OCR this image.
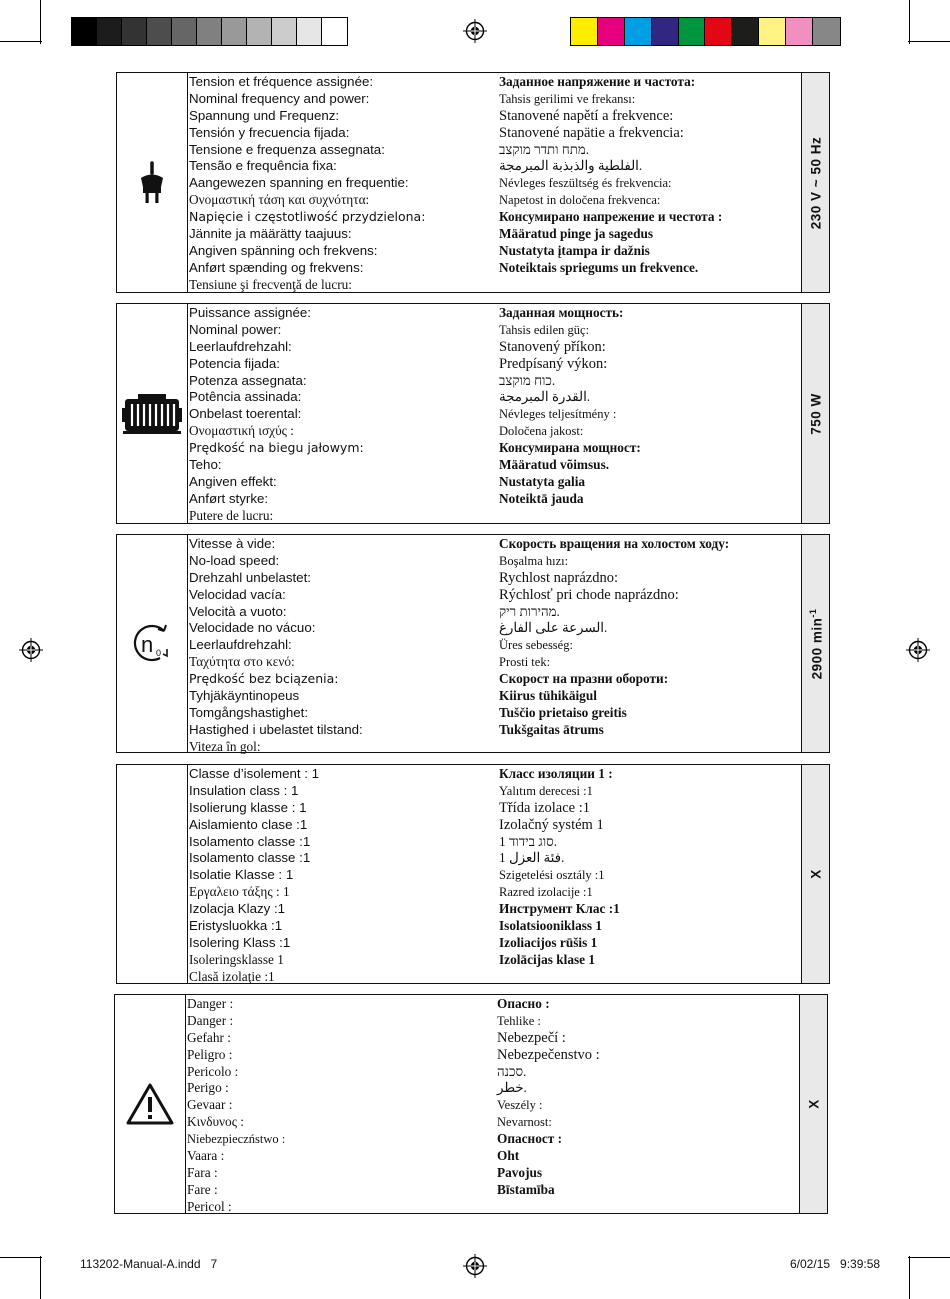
Tension et fréquence assignée:
Nominal frequency and power:
Spannung und Frequenz:
Tensión y frecuencia fijada:
Tensione e frequenza assegnata:
Tensão e frequência fixa:
Aangewezen spanning en frequentie:
Ονομαστική τάση και συχνότητα:
Napięcie i częstotliwość przydzielona:
Jännite ja määrätty taajuus:
Angiven spänning och frekvens:
Anført spænding og frekvens:
Tensiune şi frecvenţă de lucru:
Заданное напряжение и частота:
Tahsis gerilimi ve frekansı:
Stanovené napětí a frekvence:
Stanovené napätie a frekvencia:
מתח ותדר מוקצב.
الفلطية والذبذبة المبرمجة.
Névleges feszültség és frekvencia:
Napetost in določena frekvenca:
Консумирано напрежение и честота :
Määratud pinge ja sagedus
Nustatyta įtampa ir dažnis
Noteiktais spriegums un frekvence.
230 V ~ 50 Hz
Puissance assignée:
Nominal power:
Leerlaufdrehzahl:
Potencia fijada:
Potenza assegnata:
Potência assinada:
Onbelast toerental:
Ονομαστική ισχύς :
Prędkość na biegu jałowym:
Teho:
Angiven effekt:
Anført styrke:
Putere de lucru:
Заданная мощность:
Tahsis edilen güç:
Stanovený příkon:
Predpísaný výkon:
כוח מוקצב.
القدرة المبرمجة.
Névleges teljesítmény :
Določena jakost:
Консумирана мощност:
Määratud võimsus.
Nustatyta galia
Noteiktā jauda
750 W
n 0
Vitesse à vide:
No-load speed:
Drehzahl unbelastet:
Velocidad vacía:
Velocità a vuoto:
Velocidade no vácuo:
Leerlaufdrehzahl:
Ταχύτητα στο κενό:
Prędkość bez bciązenia:
Tyhjäkäyntinopeus
Tomgångshastighet:
Hastighed i ubelastet tilstand:
Viteza în gol:
Скорость вращения на холостом ходу:
Boşalma hızı:
Rychlost naprázdno:
Rýchlosť pri chode naprázdno:
מהירות ריק.
السرعة على الفارغ.
Üres sebesség:
Prosti tek:
Скорост на празни обороти:
Kiirus tühikäigul
Tuščio prietaiso greitis
Tukšgaitas ātrums
2900 $\min^{-1}$
Classe d’isolement : 1
Insulation class : 1
Isolierung klasse : 1
Aislamiento clase :1
Isolamento classe :1
Isolamento classe :1
Isolatie Klasse : 1
Εργαλειο τάξης : 1
Izolacja Klazy :1
Eristysluokka :1
Isolering Klass :1
Isoleringsklasse 1
Clasă izolaţie :1
Класс изоляции 1 :
Yalıtım derecesi :1
Třída izolace :1
Izolačný systém 1
סוג בידוד 1.
فئة العزل 1.
Szigetelési osztály :1
Razred izolacije :1
Инструмент Клас :1
Isolatsiooniklass 1
Izoliacijos rūšis 1
Izolācijas klase 1
X
Danger :
Danger :
Gefahr :
Peligro :
Pericolo :
Perigo :
Gevaar :
Κινδυνος :
Niebezpieczństwo :
Vaara :
Fara :
Fare :
Pericol :
Опасно :
Tehlike :
Nebezpečí :
Nebezpečenstvo :
סכנה.
خطر.
Veszély :
Nevarnost:
Опасност :
Oht
Pavojus
Bīstamība
X
113202-Manual-A.indd   7	6/02/15   9:39:58
